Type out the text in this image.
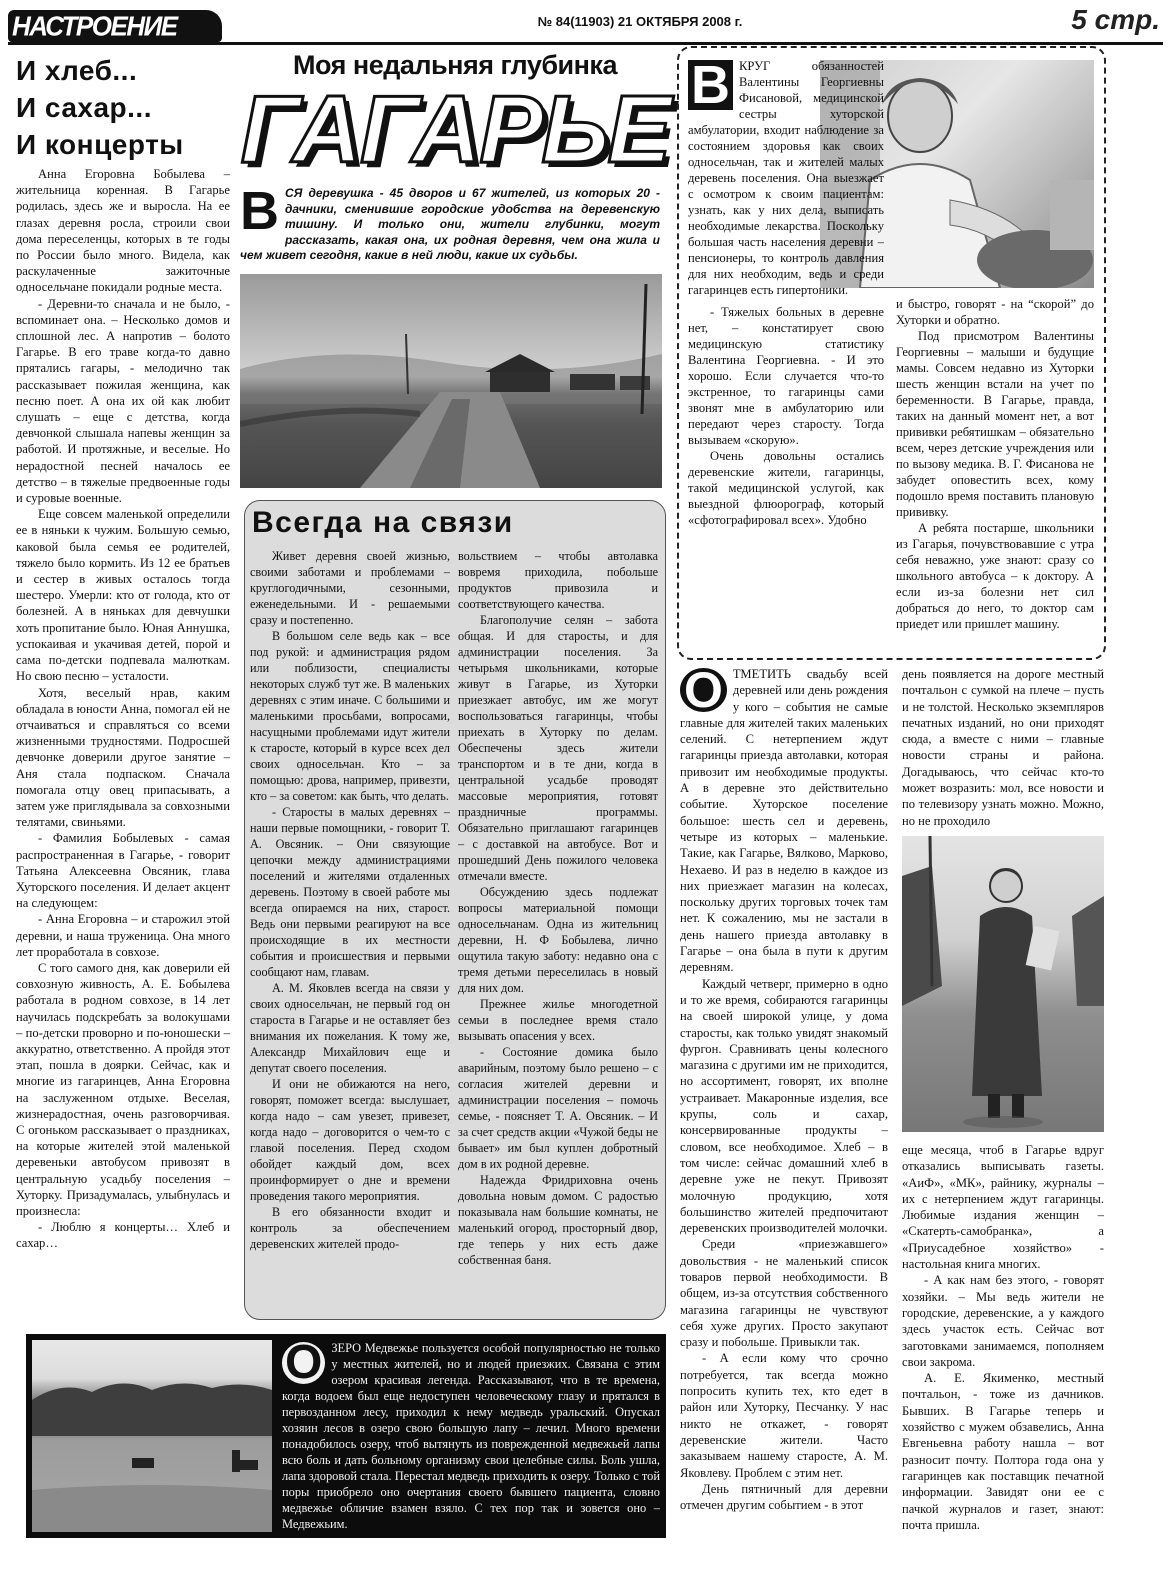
НАСТРОЕНИЕ	№ 84(11903) 21 ОКТЯБРЯ 2008 г.	5 стр.
И хлеб...
И сахар...
И концерты

Анна Егоровна Бобылева – жительница коренная. В Гагарье родилась, здесь же и выросла. На ее глазах деревня росла, строили свои дома переселенцы, которых в те годы по России было много. Видела, как раскулаченные зажиточные односельчане покидали родные места.

- Деревни-то сначала и не было, - вспоминает она. – Несколько домов и сплошной лес. А напротив – болото Гагарье. В его траве когда-то давно прятались гагары, - мелодично так рассказывает пожилая женщина, как песню поет. А она их ой как любит слушать – еще с детства, когда девчонкой слышала напевы женщин за работой. И протяжные, и веселые. Но нерадостной песней началось ее детство – в тяжелые предвоенные годы и суровые военные.

Еще совсем маленькой определили ее в няньки к чужим. Большую семью, каковой была семья ее родителей, тяжело было кормить. Из 12 ее братьев и сестер в живых осталось тогда шестеро. Умерли: кто от голода, кто от болезней. А в няньках для девчушки хоть пропитание было. Юная Аннушка, успокаивая и укачивая детей, порой и сама по-детски подпевала малюткам. Но свою песню – усталости.

Хотя, веселый нрав, каким обладала в юности Анна, помогал ей не отчаиваться и справляться со всеми жизненными трудностями. Подросшей девчонке доверили другое занятие – Аня стала подпаском. Сначала помогала отцу овец припасывать, а затем уже приглядывала за совхозными телятами, свиньями.

- Фамилия Бобылевых - самая распространенная в Гагарье, - говорит Татьяна Алексеевна Овсяник, глава Хуторского поселения. И делает акцент на следующем:

- Анна Егоровна – и старожил этой деревни, и наша труженица. Она много лет проработала в совхозе.

С того самого дня, как доверили ей совхозную живность, А. Е. Бобылева работала в родном совхозе, в 14 лет научилась подскребать за волокушами – по-детски проворно и по-юношески – аккуратно, ответственно. А пройдя этот этап, пошла в доярки. Сейчас, как и многие из гагаринцев, Анна Егоровна на заслуженном отдыхе. Веселая, жизнерадостная, очень разговорчивая. С огоньком рассказывает о праздниках, на которые жителей этой маленькой деревеньки автобусом привозят в центральную усадьбу поселения – Хуторку. Призадумалась, улыбнулась и произнесла:

- Люблю я концерты… Хлеб и сахар…

Моя недальняя глубинка
ГАГАРЬЕ
В СЯ деревушка - 45 дворов и 67 жителей, из которых 20 - дачники, сменившие городские удобства на деревенскую тишину. И только они, жители глубинки, могут рассказать, какая она, их родная деревня, чем она жила и чем живет сегодня, какие в ней люди, какие их судьбы.
Всегда на связи

Живет деревня своей жизнью, своими заботами и проблемами – круглогодичными, сезонными, еженедельными. И - решаемыми сразу и постепенно.

В большом селе ведь как – все под рукой: и администрация рядом или поблизости, специалисты некоторых служб тут же. В маленьких деревнях с этим иначе. С большими и маленькими просьбами, вопросами, насущными проблемами идут жители к старосте, который в курсе всех дел своих односельчан. Кто – за помощью: дрова, например, привезти, кто – за советом: как быть, что делать.

- Старосты в малых деревнях – наши первые помощники, - говорит Т. А. Овсяник. – Они связующие цепочки между администрациями поселений и жителями отдаленных деревень. Поэтому в своей работе мы всегда опираемся на них, старост. Ведь они первыми реагируют на все происходящие в их местности события и происшествия и первыми сообщают нам, главам.

А. М. Яковлев всегда на связи у своих односельчан, не первый год он староста в Гагарье и не оставляет без внимания их пожелания. К тому же, Александр Михайлович еще и депутат своего поселения.

И они не обижаются на него, говорят, поможет всегда: выслушает, когда надо – сам увезет, привезет, когда надо – договорится о чем-то с главой поселения. Перед сходом обойдет каждый дом, всех проинформирует о дне и времени проведения такого мероприятия.

В его обязанности входит и контроль за обеспечением деревенских жителей продо-

вольствием – чтобы автолавка вовремя приходила, побольше продуктов привозила и соответствующего качества.

Благополучие селян – забота общая. И для старосты, и для администрации поселения. За четырьмя школьниками, которые живут в Гагарье, из Хуторки приезжает автобус, им же могут воспользоваться гагаринцы, чтобы приехать в Хуторку по делам. Обеспечены здесь жители транспортом и в те дни, когда в центральной усадьбе проводят массовые мероприятия, готовят праздничные программы. Обязательно приглашают гагаринцев – с доставкой на автобусе. Вот и прошедший День пожилого человека отмечали вместе.

Обсуждению здесь подлежат вопросы материальной помощи односельчанам. Одна из жительниц деревни, Н. Ф Бобылева, лично ощутила такую заботу: недавно она с тремя детьми переселилась в новый для них дом.

Прежнее жилье многодетной семьи в последнее время стало вызывать опасения у всех.

- Состояние домика было аварийным, поэтому было решено – с согласия жителей деревни и администрации поселения – помочь семье, - поясняет Т. А. Овсяник. – И за счет средств акции «Чужой беды не бывает» им был куплен добротный дом в их родной деревне.

Надежда Фридриховна очень довольна новым домом. С радостью показывала нам большие комнаты, не маленький огород, просторный двор, где теперь у них есть даже собственная баня.

В КРУГ обязанностей Валентины Георгиевны Фисановой, медицинской сестры хуторской амбулатории, входит наблюдение за состоянием здоровья как своих односельчан, так и жителей малых деревень поселения. Она выезжает с осмотром к своим пациентам: узнать, как у них дела, выписать необходимые лекарства. Поскольку большая часть населения деревни – пенсионеры, то контроль давления для них необходим, ведь и среди гагаринцев есть гипертоники.

- Тяжелых больных в деревне нет, – констатирует свою медицинскую статистику Валентина Георгиевна. - И это хорошо. Если случается что-то экстренное, то гагаринцы сами звонят мне в амбулаторию или передают через старосту. Тогда вызываем «скорую».

Очень довольны остались деревенские жители, гагаринцы, такой медицинской услугой, как выездной флюорограф, который «сфотографировал всех». Удобно

и быстро, говорят - на “скорой” до Хуторки и обратно.

Под присмотром Валентины Георгиевны – малыши и будущие мамы. Совсем недавно из Хуторки шесть женщин встали на учет по беременности. В Гагарье, правда, таких на данный момент нет, а вот прививки ребятишкам – обязательно всем, через детские учреждения или по вызову медика. В. Г. Фисанова не забудет оповестить всех, кому подошло время поставить плановую прививку.

А ребята постарше, школьники из Гагарья, почувствовавшие с утра себя неважно, уже знают: сразу со школьного автобуса – к доктору. А если из-за болезни нет сил добраться до него, то доктор сам приедет или пришлет машину.

О ТМЕТИТЬ свадьбу всей деревней или день рождения у кого – события не самые главные для жителей таких маленьких селений. С нетерпением ждут гагаринцы приезда автолавки, которая привозит им необходимые продукты. А в деревне это действительно событие. Хуторское поселение большое: шесть сел и деревень, четыре из которых – маленькие. Такие, как Гагарье, Вялково, Марково, Нехаево. И раз в неделю в каждое из них приезжает магазин на колесах, поскольку других торговых точек там нет. К сожалению, мы не застали в день нашего приезда автолавку в Гагарье – она была в пути к другим деревням.

Каждый четверг, примерно в одно и то же время, собираются гагаринцы на своей широкой улице, у дома старосты, как только увидят знакомый фургон. Сравнивать цены колесного магазина с другими им не приходится, но ассортимент, говорят, их вполне устраивает. Макаронные изделия, все крупы, соль и сахар, консервированные продукты – словом, все необходимое. Хлеб – в том числе: сейчас домашний хлеб в деревне уже не пекут. Привозят молочную продукцию, хотя большинство жителей предпочитают деревенских производителей молочки.

Среди «приезжавшего» довольствия - не маленький список товаров первой необходимости. В общем, из-за отсутствия собственного магазина гагаринцы не чувствуют себя хуже других. Просто закупают сразу и побольше. Привыкли так.

- А если кому что срочно потребуется, так всегда можно попросить купить тех, кто едет в район или Хуторку, Песчанку. У нас никто не откажет, - говорят деревенские жители. Часто заказываем нашему старосте, А. М. Яковлеву. Проблем с этим нет.

День пятничный для деревни отмечен другим событием - в этот

день появляется на дороге местный почтальон с сумкой на плече – пусть и не толстой. Несколько экземпляров печатных изданий, но они приходят сюда, а вместе с ними – главные новости страны и района. Догадываюсь, что сейчас кто-то может возразить: мол, все новости и по телевизору узнать можно. Можно, но не проходило

еще месяца, чтоб в Гагарье вдруг отказались выписывать газеты. «АиФ», «МК», райнику, журналы – их с нетерпением ждут гагаринцы. Любимые издания женщин – «Скатерть-самобранка», а «Приусадебное хозяйство» - настольная книга многих.

- А как нам без этого, - говорят хозяйки. – Мы ведь жители не городские, деревенские, а у каждого здесь участок есть. Сейчас вот заготовками занимаемся, пополняем свои закрома.

А. Е. Якименко, местный почтальон, - тоже из дачников. Бывших. В Гагарье теперь и хозяйство с мужем обзавелись, Анна Евгеньевна работу нашла – вот разносит почту. Полтора года она у гагаринцев как поставщик печатной информации. Завидят они ее с пачкой журналов и газет, знают: почта пришла.

О ЗЕРО Медвежье пользуется особой популярностью не только у местных жителей, но и людей приезжих. Связана с этим озером красивая легенда. Рассказывают, что в те времена, когда водоем был еще недоступен человеческому глазу и прятался в первозданном лесу, приходил к нему медведь уральский. Опускал хозяин лесов в озеро свою большую лапу – лечил. Много времени понадобилось озеру, чтоб вытянуть из поврежденной медвежьей лапы всю боль и дать больному организму свои целебные силы. Боль ушла, лапа здоровой стала. Перестал медведь приходить к озеру. Только с той поры приобрело оно очертания своего бывшего пациента, словно медвежье обличие взамен взяло. С тех пор так и зовется оно – Медвежьим.
